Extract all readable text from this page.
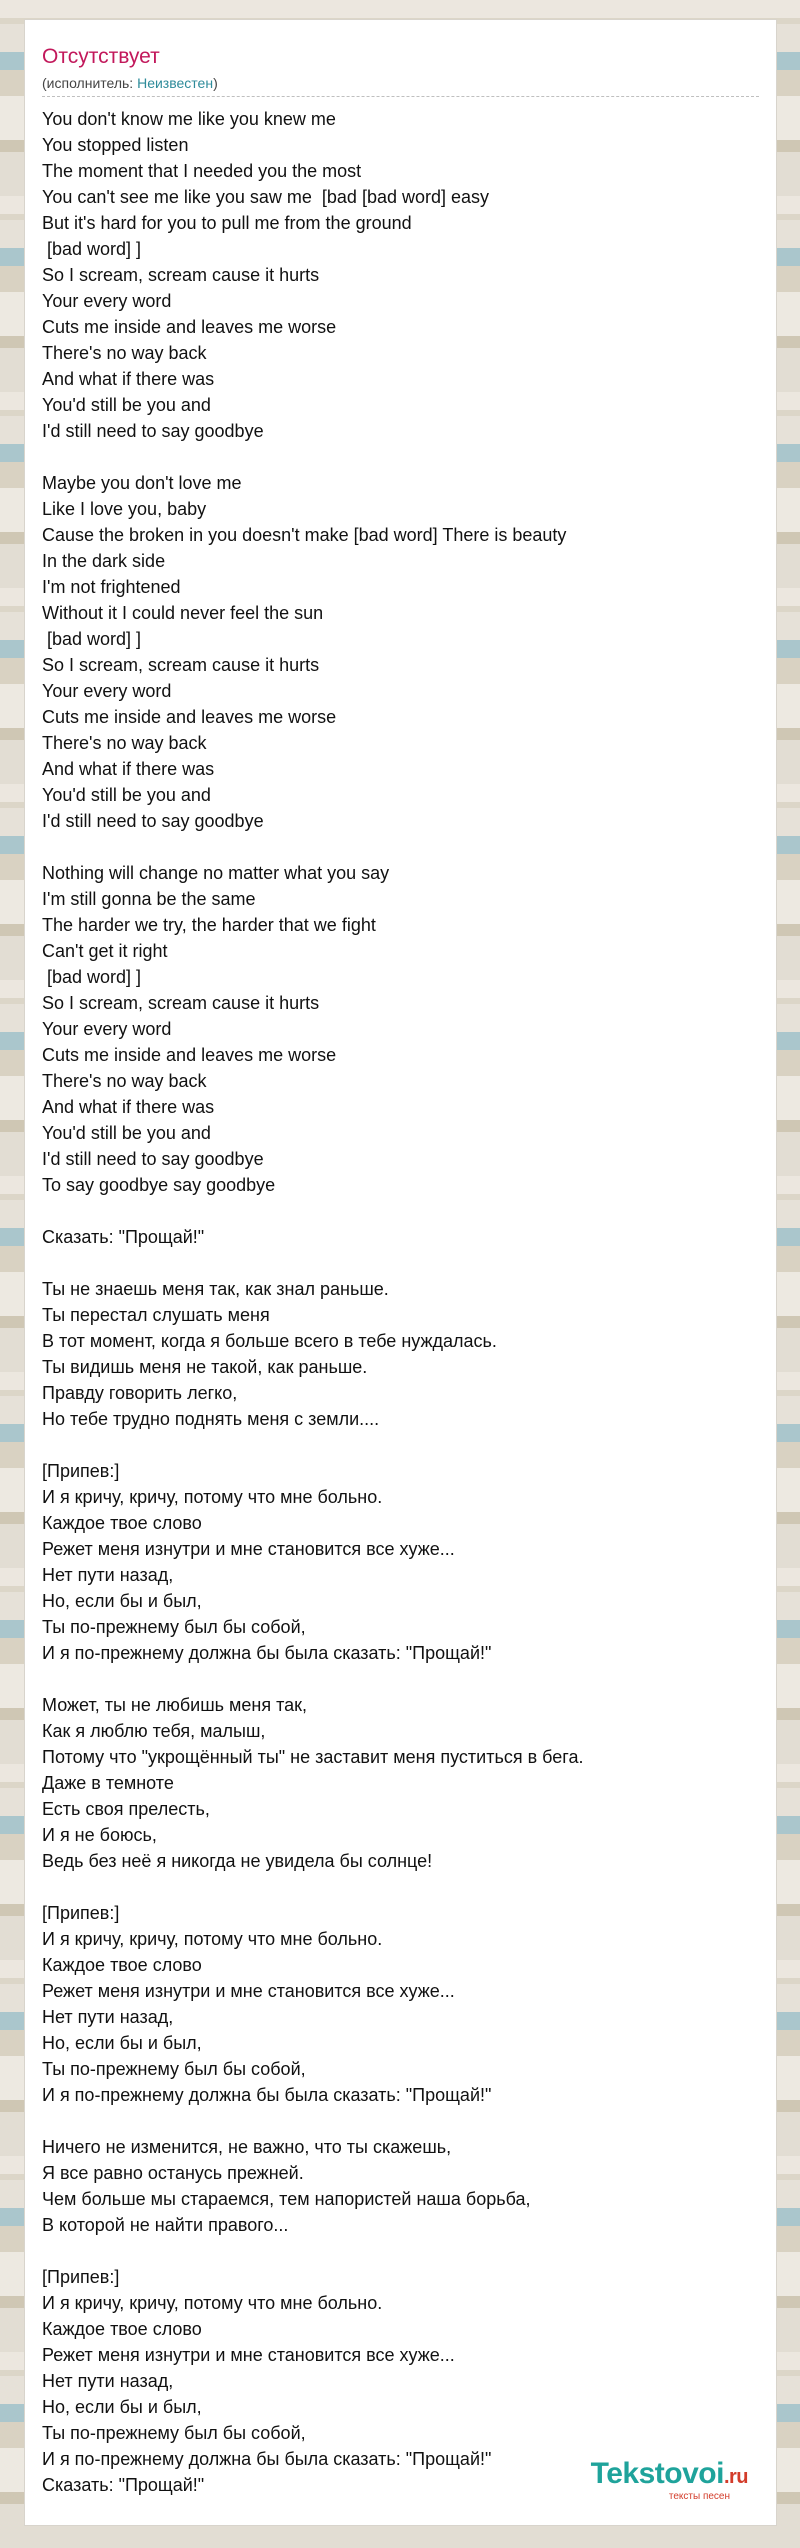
Отсутствует
(исполнитель: Неизвестен)
You don't know me like you knew me
You stopped listen
The moment that I needed you the most
You can't see me like you saw me  [bad [bad word] easy
But it's hard for you to pull me from the ground
[bad word] ]
So I scream, scream cause it hurts
Your every word
Cuts me inside and leaves me worse
There's no way back
And what if there was
You'd still be you and
I'd still need to say goodbye
Maybe you don't love me
Like I love you, baby
Cause the broken in you doesn't make [bad word] There is beauty
In the dark side
I'm not frightened
Without it I could never feel the sun
[bad word] ]
So I scream, scream cause it hurts
Your every word
Cuts me inside and leaves me worse
There's no way back
And what if there was
You'd still be you and
I'd still need to say goodbye
Nothing will change no matter what you say
I'm still gonna be the same
The harder we try, the harder that we fight
Can't get it right
[bad word] ]
So I scream, scream cause it hurts
Your every word
Cuts me inside and leaves me worse
There's no way back
And what if there was
You'd still be you and
I'd still need to say goodbye
To say goodbye say goodbye
Сказать: "Прощай!"
Ты не знаешь меня так, как знал раньше.
Ты перестал слушать меня
В тот момент, когда я больше всего в тебе нуждалась.
Ты видишь меня не такой, как раньше.
Правду говорить легко,
Но тебе трудно поднять меня с земли....
[Припев:]
И я кричу, кричу, потому что мне больно.
Каждое твое слово
Режет меня изнутри и мне становится все хуже...
Нет пути назад,
Но, если бы и был,
Ты по-прежнему был бы собой,
И я по-прежнему должна бы была сказать: "Прощай!"
Может, ты не любишь меня так,
Как я люблю тебя, малыш,
Потому что "укрощённый ты" не заставит меня пуститься в бега.
Даже в темноте
Есть своя прелесть,
И я не боюсь,
Ведь без неё я никогда не увидела бы солнце!
[Припев:]
И я кричу, кричу, потому что мне больно.
Каждое твое слово
Режет меня изнутри и мне становится все хуже...
Нет пути назад,
Но, если бы и был,
Ты по-прежнему был бы собой,
И я по-прежнему должна бы была сказать: "Прощай!"
Ничего не изменится, не важно, что ты скажешь,
Я все равно останусь прежней.
Чем больше мы стараемся, тем напористей наша борьба,
В которой не найти правого...
[Припев:]
И я кричу, кричу, потому что мне больно.
Каждое твое слово
Режет меня изнутри и мне становится все хуже...
Нет пути назад,
Но, если бы и был,
Ты по-прежнему был бы собой,
И я по-прежнему должна бы была сказать: "Прощай!"
Сказать: "Прощай!"	Tekstovoi.ru
тексты песен
